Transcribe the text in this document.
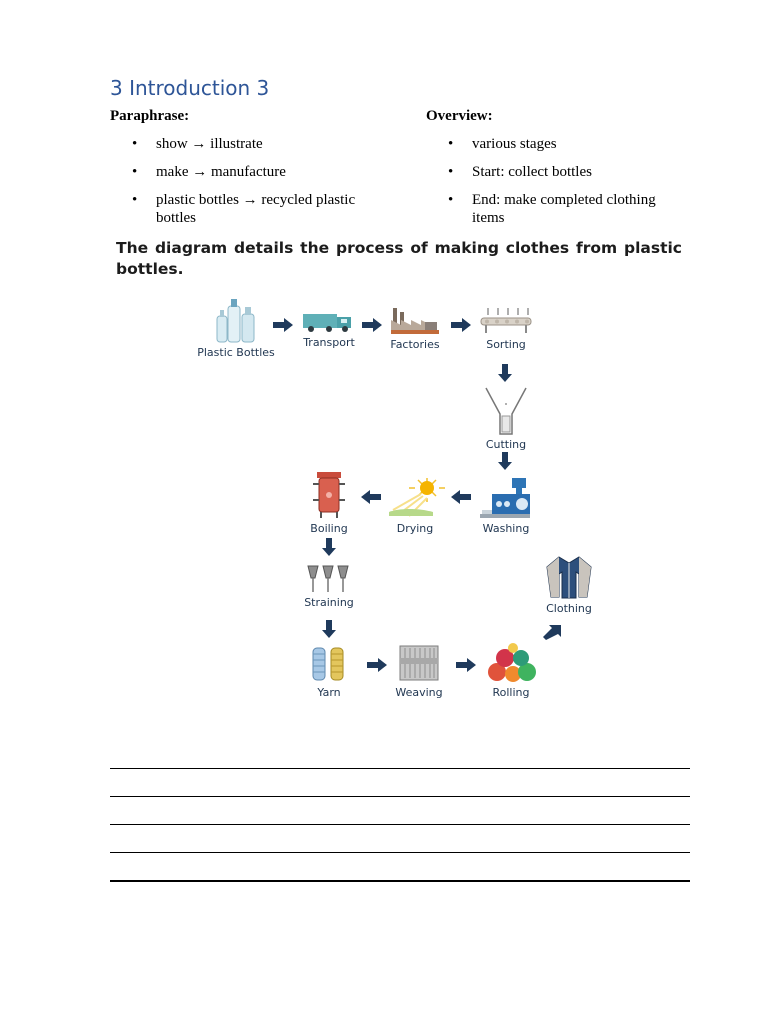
3 Introduction 3

Paraphrase:

• show → illustrate
• make → manufacture
• plastic bottles → recycled plastic bottles

Overview:

• various stages
• Start: collect bottles
• End: make completed clothing items

The diagram details the process of making clothes from plastic bottles.

Plastic Bottles
Transport	Factories	Sorting
Cutting
Washing
Drying
Boiling
Straining
Yarn	Weaving	Rolling
Clothing
